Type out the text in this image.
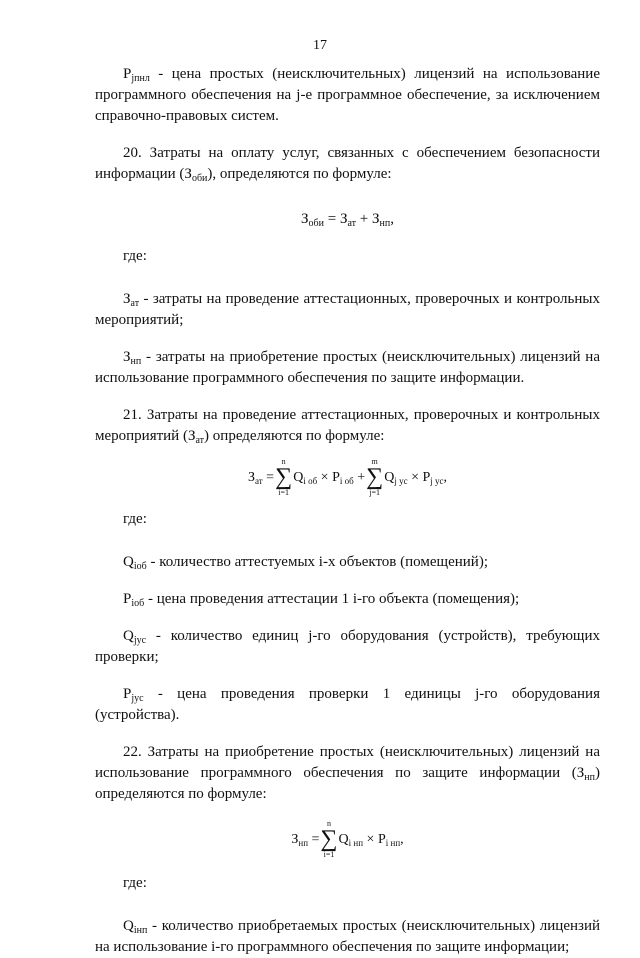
17

$P_{jпнл}$ - цена простых (неисключительных) лицензий на использование программного обеспечения на j-е программное обеспечение, за исключением справочно-правовых систем.

20. Затраты на оплату услуг, связанных с обеспечением безопасности информации $(З_{оби})$, определяются по формуле:

$З_{оби} = З_{ат} + З_{нп}$,

где:

$З_{ат}$ - затраты на проведение аттестационных, проверочных и контрольных мероприятий;

$З_{нп}$ - затраты на приобретение простых (неисключительных) лицензий на использование программного обеспечения по защите информации.

21. Затраты на проведение аттестационных, проверочных и контрольных мероприятий $(З_{ат})$ определяются по формуле:

$З_{ат}$ =
n
∑
i=1
$Q_{i об} \times P_{i об}$ +
m
∑
j=1
$Q_{j ус} \times P_{j ус}$,

где:

$Q_{iоб}$ - количество аттестуемых i-х объектов (помещений);

$P_{iоб}$ - цена проведения аттестации 1 i-го объекта (помещения);

$Q_{jус}$ - количество единиц j-го оборудования (устройств), требующих проверки;

$P_{jус}$ - цена проведения проверки 1 единицы j-го оборудования (устройства).

22. Затраты на приобретение простых (неисключительных) лицензий на использование программного обеспечения по защите информации $(З_{нп})$ определяются по формуле:

$З_{нп}$ =
n
∑
i=1
$Q_{i нп} \times P_{i нп}$,

где:

$Q_{iнп}$ - количество приобретаемых простых (неисключительных) лицензий на использование i-го программного обеспечения по защите информации;
